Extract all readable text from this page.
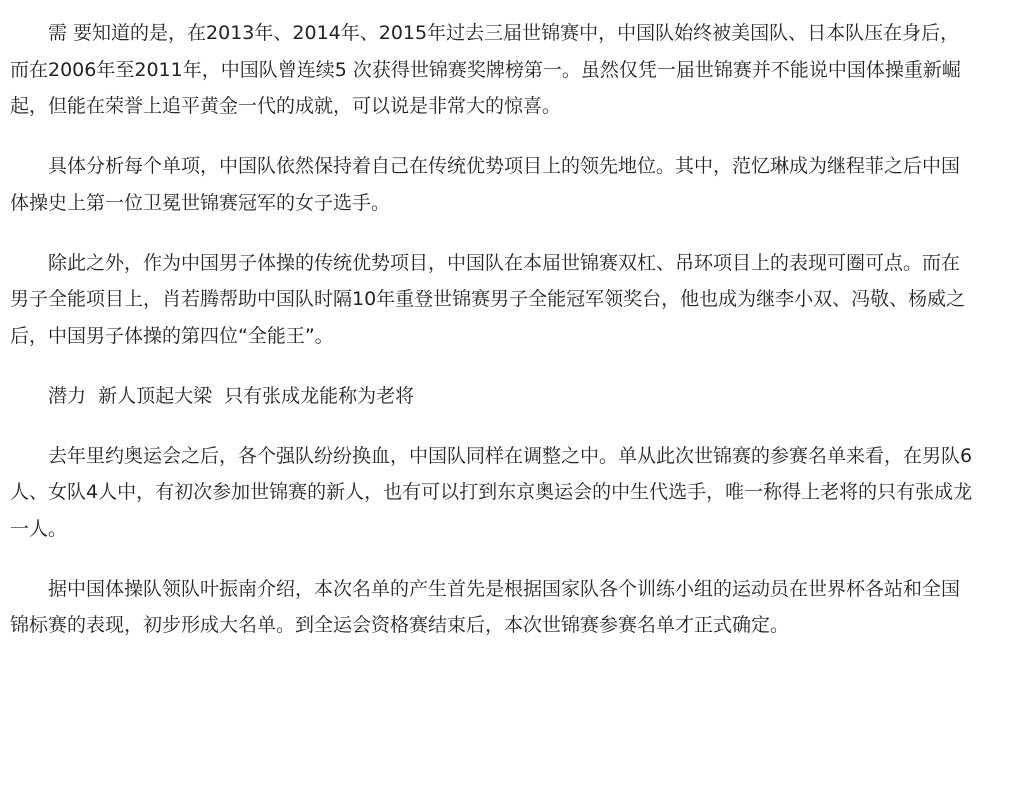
需 要知道的是，在2013年、2014年、2015年过去三届世锦赛中，中国队始终被美国队、日本队压在身后，而在2006年至2011年，中国队曾连续5 次获得世锦赛奖牌榜第一。虽然仅凭一届世锦赛并不能说中国体操重新崛起，但能在荣誉上追平黄金一代的成就，可以说是非常大的惊喜。

具体分析每个单项，中国队依然保持着自己在传统优势项目上的领先地位。其中，范忆琳成为继程菲之后中国体操史上第一位卫冕世锦赛冠军的女子选手。

除此之外，作为中国男子体操的传统优势项目，中国队在本届世锦赛双杠、吊环项目上的表现可圈可点。而在男子全能项目上，肖若腾帮助中国队时隔10年重登世锦赛男子全能冠军领奖台，他也成为继李小双、冯敬、杨威之后，中国男子体操的第四位“全能王”。

潜力  新人顶起大梁  只有张成龙能称为老将

去年里约奥运会之后，各个强队纷纷换血，中国队同样在调整之中。单从此次世锦赛的参赛名单来看，在男队6人、女队4人中，有初次参加世锦赛的新人，也有可以打到东京奥运会的中生代选手，唯一称得上老将的只有张成龙一人。

据中国体操队领队叶振南介绍，本次名单的产生首先是根据国家队各个训练小组的运动员在世界杯各站和全国锦标赛的表现，初步形成大名单。到全运会资格赛结束后，本次世锦赛参赛名单才正式确定。
